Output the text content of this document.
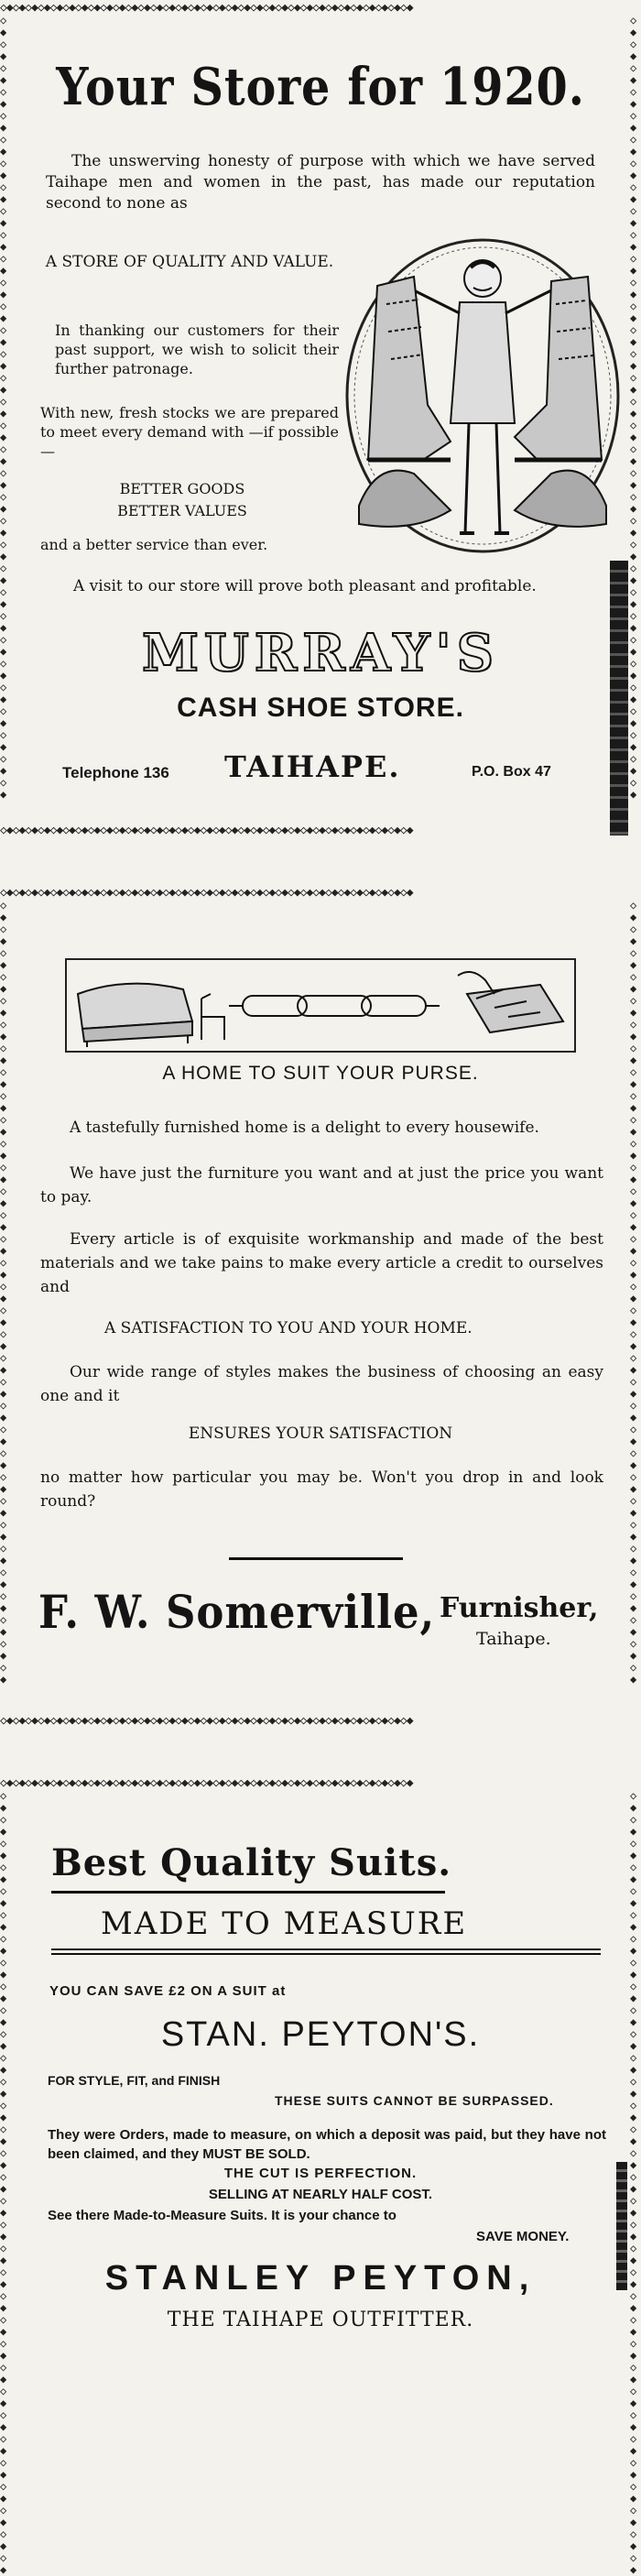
◇◆◇◆◇◆◇◆◇◆◇◆◇◆◇◆◇◆◇◆◇◆◇◆◇◆◇◆◇◆◇◆◇◆◇◆◇◆◇◆◇◆◇◆◇◆◇◆◇◆◇◆◇◆◇◆◇◆◇◆◇◆◇◆◇◆
◇◆◇◆◇◆◇◆◇◆◇◆◇◆◇◆◇◆◇◆◇◆◇◆◇◆◇◆◇◆◇◆◇◆◇◆◇◆◇◆◇◆◇◆◇◆◇◆◇◆◇◆◇◆◇◆◇◆◇◆◇◆◇◆◇◆
◇◆◇◆◇◆◇◆◇◆◇◆◇◆◇◆◇◆◇◆◇◆◇◆◇◆◇◆◇◆◇◆◇◆◇◆◇◆◇◆◇◆◇◆◇◆◇◆◇◆◇◆◇◆◇◆◇◆◇◆◇◆◇◆◇◆
◇◆◇◆◇◆◇◆◇◆◇◆◇◆◇◆◇◆◇◆◇◆◇◆◇◆◇◆◇◆◇◆◇◆◇◆◇◆◇◆◇◆◇◆◇◆◇◆◇◆◇◆◇◆◇◆◇◆◇◆◇◆◇◆◇◆
Your Store for 1920.

The unswerving honesty of purpose with which we have served Taihape men and women in the past, has made our reputation second to none as

A STORE OF QUALITY AND VALUE.

In thanking our customers for their past support, we wish to solicit their further patronage.

With new, fresh stocks we are prepared to meet every demand with —if possible—

BETTER GOODS
BETTER VALUES

and a better service than ever.

A visit to our store will prove both pleasant and profitable.

MURRAY'S
CASH SHOE STORE.
Telephone 136 TAIHAPE.	P.O. Box 47
◇◆◇◆◇◆◇◆◇◆◇◆◇◆◇◆◇◆◇◆◇◆◇◆◇◆◇◆◇◆◇◆◇◆◇◆◇◆◇◆◇◆◇◆◇◆◇◆◇◆◇◆◇◆◇◆◇◆◇◆◇◆◇◆◇◆
◇◆◇◆◇◆◇◆◇◆◇◆◇◆◇◆◇◆◇◆◇◆◇◆◇◆◇◆◇◆◇◆◇◆◇◆◇◆◇◆◇◆◇◆◇◆◇◆◇◆◇◆◇◆◇◆◇◆◇◆◇◆◇◆◇◆
◇◆◇◆◇◆◇◆◇◆◇◆◇◆◇◆◇◆◇◆◇◆◇◆◇◆◇◆◇◆◇◆◇◆◇◆◇◆◇◆◇◆◇◆◇◆◇◆◇◆◇◆◇◆◇◆◇◆◇◆◇◆◇◆◇◆
◇◆◇◆◇◆◇◆◇◆◇◆◇◆◇◆◇◆◇◆◇◆◇◆◇◆◇◆◇◆◇◆◇◆◇◆◇◆◇◆◇◆◇◆◇◆◇◆◇◆◇◆◇◆◇◆◇◆◇◆◇◆◇◆◇◆
A HOME TO SUIT YOUR PURSE.

A tastefully furnished home is a delight to every housewife.

We have just the furniture you want and at just the price you want to pay.

Every article is of exquisite workmanship and made of the best materials and we take pains to make every article a credit to ourselves and

A SATISFACTION TO YOU AND YOUR HOME.

Our wide range of styles makes the business of choosing an easy one and it

ENSURES YOUR SATISFACTION

no matter how particular you may be. Won't you drop in and look round?

F. W. Somerville, Furnisher,
Taihape.
◇◆◇◆◇◆◇◆◇◆◇◆◇◆◇◆◇◆◇◆◇◆◇◆◇◆◇◆◇◆◇◆◇◆◇◆◇◆◇◆◇◆◇◆◇◆◇◆◇◆◇◆◇◆◇◆◇◆◇◆◇◆◇◆◇◆
◇◆◇◆◇◆◇◆◇◆◇◆◇◆◇◆◇◆◇◆◇◆◇◆◇◆◇◆◇◆◇◆◇◆◇◆◇◆◇◆◇◆◇◆◇◆◇◆◇◆◇◆◇◆◇◆◇◆◇◆◇◆◇◆◇◆
◇◆◇◆◇◆◇◆◇◆◇◆◇◆◇◆◇◆◇◆◇◆◇◆◇◆◇◆◇◆◇◆◇◆◇◆◇◆◇◆◇◆◇◆◇◆◇◆◇◆◇◆◇◆◇◆◇◆◇◆◇◆◇◆◇◆
Best Quality Suits.
MADE TO MEASURE
YOU CAN SAVE £2 ON A SUIT at
STAN. PEYTON'S.
FOR STYLE, FIT, and FINISH
THESE SUITS CANNOT BE SURPASSED.

They were Orders, made to measure, on which a deposit was paid, but they have not been claimed, and they MUST BE SOLD.

THE CUT IS PERFECTION.
SELLING AT NEARLY HALF COST.
See there Made-to-Measure Suits. It is your chance to
SAVE MONEY.
STANLEY PEYTON,
THE TAIHAPE OUTFITTER.
